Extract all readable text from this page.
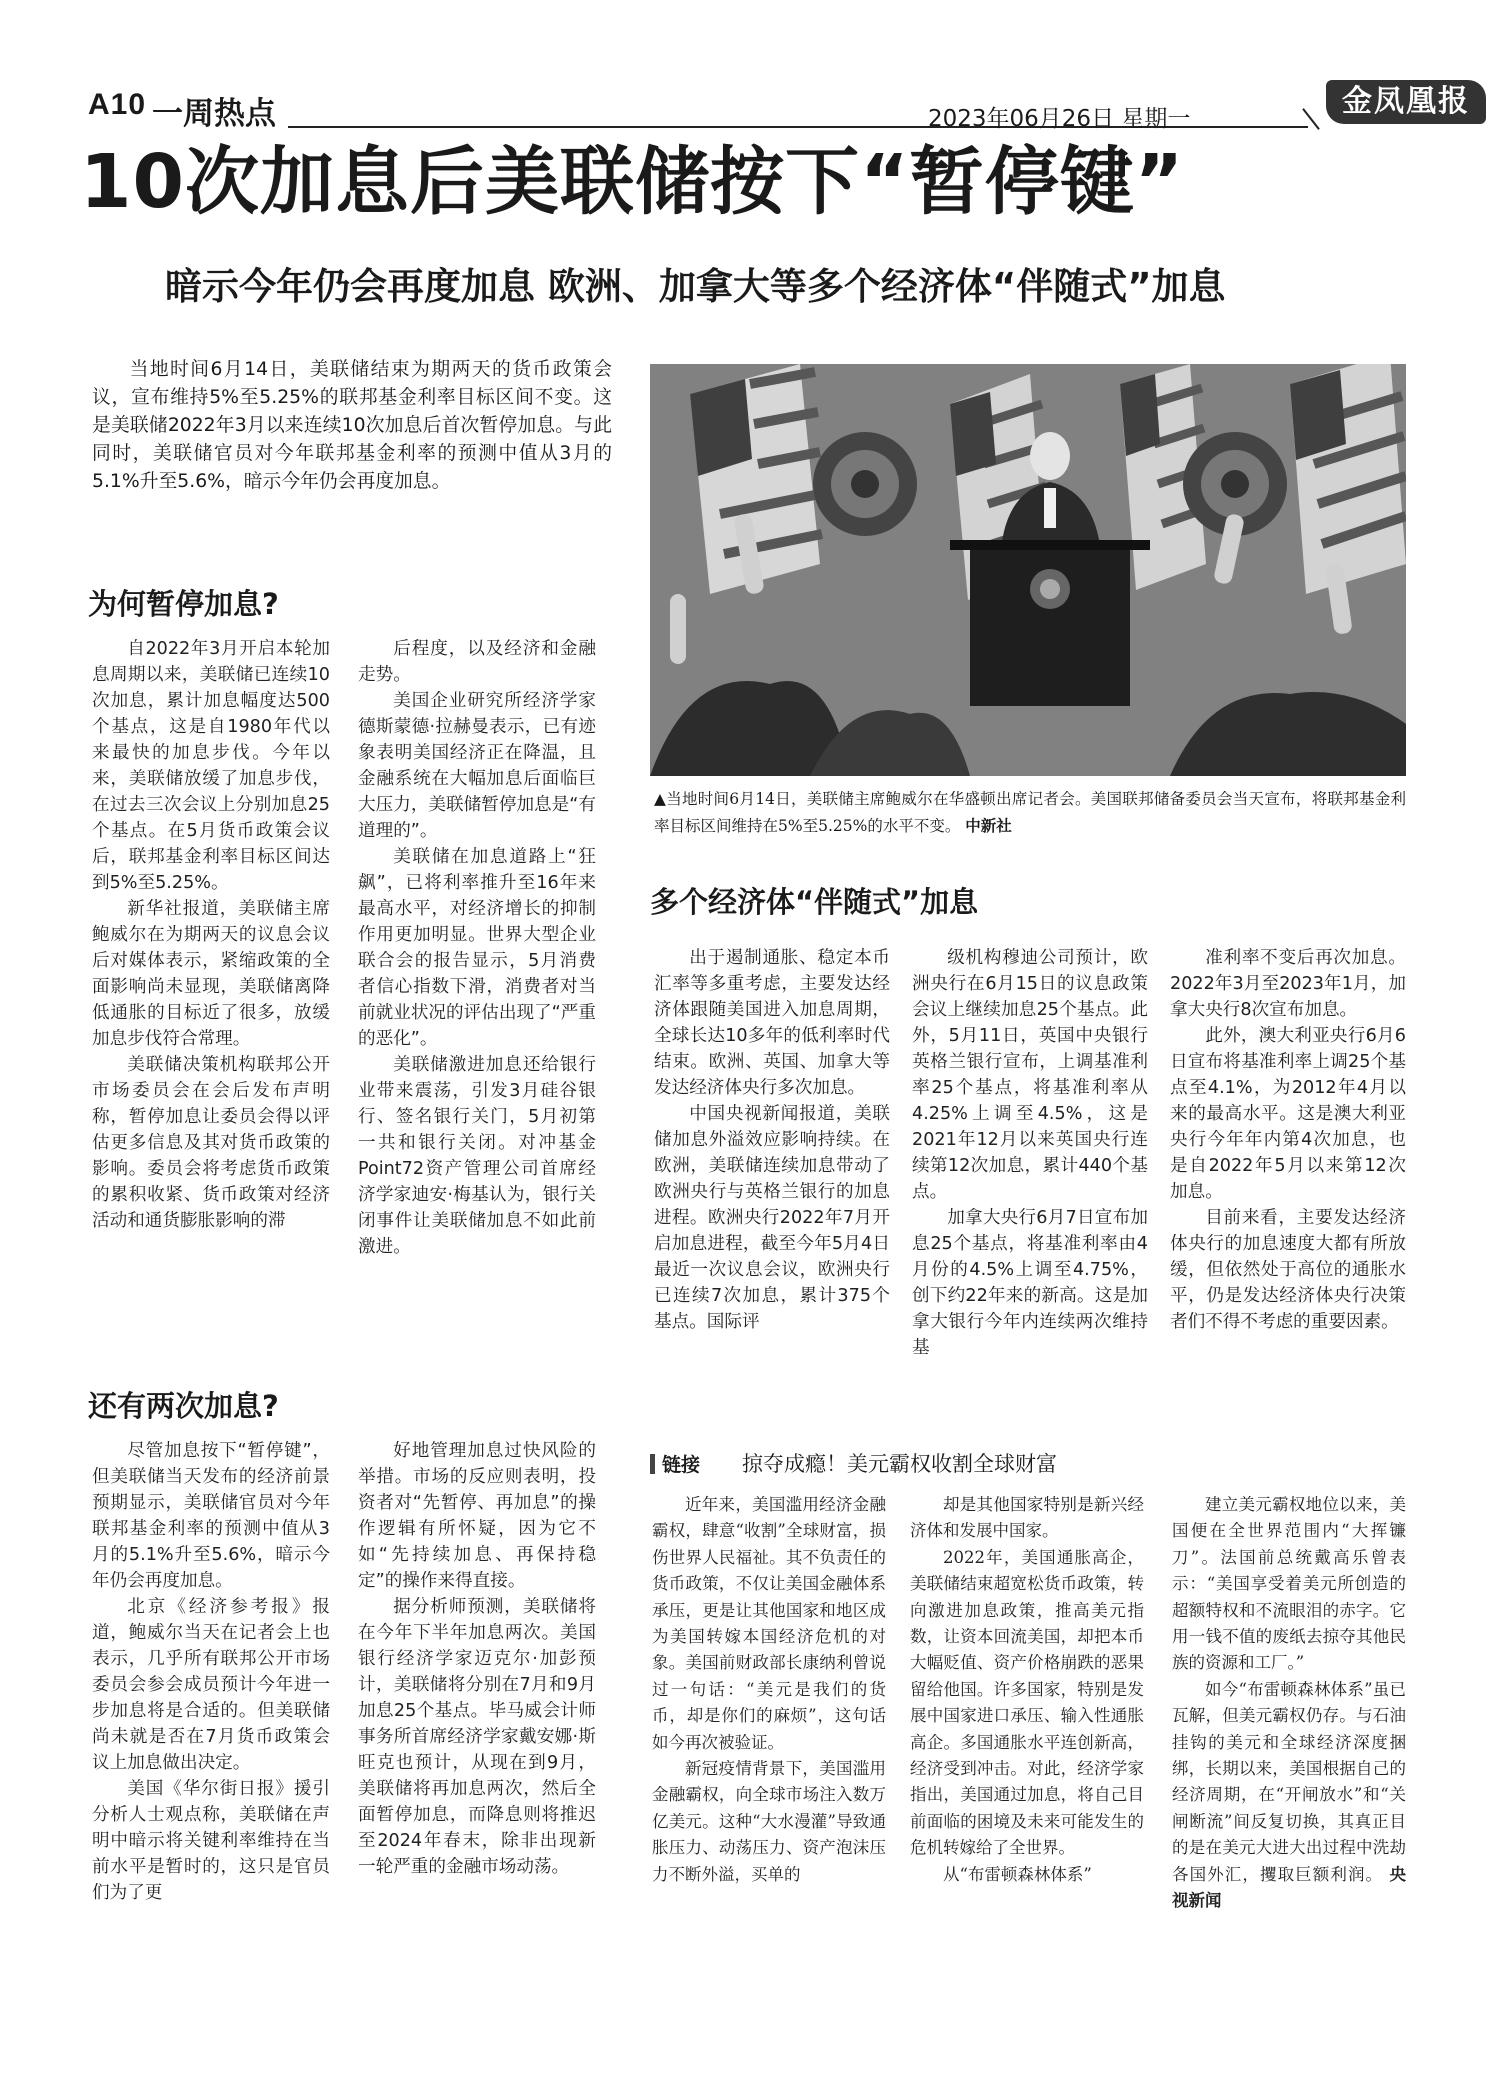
A10 一周热点	2023年06月26日 星期一	金凤凰报
10次加息后美联储按下“暂停键”
暗示今年仍会再度加息 欧洲、加拿大等多个经济体“伴随式”加息

当地时间6月14日，美联储结束为期两天的货币政策会议，宣布维持5%至5.25%的联邦基金利率目标区间不变。这是美联储2022年3月以来连续10次加息后首次暂停加息。与此同时，美联储官员对今年联邦基金利率的预测中值从3月的5.1%升至5.6%，暗示今年仍会再度加息。

▲当地时间6月14日，美联储主席鲍威尔在华盛顿出席记者会。美国联邦储备委员会当天宣布，将联邦基金利率目标区间维持在5%至5.25%的水平不变。 中新社
为何暂停加息?

自2022年3月开启本轮加息周期以来，美联储已连续10次加息，累计加息幅度达500个基点，这是自1980年代以来最快的加息步伐。今年以来，美联储放缓了加息步伐，在过去三次会议上分别加息25个基点。在5月货币政策会议后，联邦基金利率目标区间达到5%至5.25%。

新华社报道，美联储主席鲍威尔在为期两天的议息会议后对媒体表示，紧缩政策的全面影响尚未显现，美联储离降低通胀的目标近了很多，放缓加息步伐符合常理。

美联储决策机构联邦公开市场委员会在会后发布声明称，暂停加息让委员会得以评估更多信息及其对货币政策的影响。委员会将考虑货币政策的累积收紧、货币政策对经济活动和通货膨胀影响的滞

后程度，以及经济和金融走势。

美国企业研究所经济学家德斯蒙德·拉赫曼表示，已有迹象表明美国经济正在降温，且金融系统在大幅加息后面临巨大压力，美联储暂停加息是“有道理的”。

美联储在加息道路上“狂飙”，已将利率推升至16年来最高水平，对经济增长的抑制作用更加明显。世界大型企业联合会的报告显示，5月消费者信心指数下滑，消费者对当前就业状况的评估出现了“严重的恶化”。

美联储激进加息还给银行业带来震荡，引发3月硅谷银行、签名银行关门，5月初第一共和银行关闭。对冲基金Point72资产管理公司首席经济学家迪安·梅基认为，银行关闭事件让美联储加息不如此前激进。

多个经济体“伴随式”加息

出于遏制通胀、稳定本币汇率等多重考虑，主要发达经济体跟随美国进入加息周期，全球长达10多年的低利率时代结束。欧洲、英国、加拿大等发达经济体央行多次加息。

中国央视新闻报道，美联储加息外溢效应影响持续。在欧洲，美联储连续加息带动了欧洲央行与英格兰银行的加息进程。欧洲央行2022年7月开启加息进程，截至今年5月4日最近一次议息会议，欧洲央行已连续7次加息，累计375个基点。国际评

级机构穆迪公司预计，欧洲央行在6月15日的议息政策会议上继续加息25个基点。此外，5月11日，英国中央银行英格兰银行宣布，上调基准利率25个基点，将基准利率从4.25%上调至4.5%，这是2021年12月以来英国央行连续第12次加息，累计440个基点。

加拿大央行6月7日宣布加息25个基点，将基准利率由4月份的4.5%上调至4.75%，创下约22年来的新高。这是加拿大银行今年内连续两次维持基

准利率不变后再次加息。2022年3月至2023年1月，加拿大央行8次宣布加息。

此外，澳大利亚央行6月6日宣布将基准利率上调25个基点至4.1%，为2012年4月以来的最高水平。这是澳大利亚央行今年年内第4次加息，也是自2022年5月以来第12次加息。

目前来看，主要发达经济体央行的加息速度大都有所放缓，但依然处于高位的通胀水平，仍是发达经济体央行决策者们不得不考虑的重要因素。

还有两次加息?

尽管加息按下“暂停键”，但美联储当天发布的经济前景预期显示，美联储官员对今年联邦基金利率的预测中值从3月的5.1%升至5.6%，暗示今年仍会再度加息。

北京《经济参考报》报道，鲍威尔当天在记者会上也表示，几乎所有联邦公开市场委员会参会成员预计今年进一步加息将是合适的。但美联储尚未就是否在7月货币政策会议上加息做出决定。

美国《华尔街日报》援引分析人士观点称，美联储在声明中暗示将关键利率维持在当前水平是暂时的，这只是官员们为了更

好地管理加息过快风险的举措。市场的反应则表明，投资者对“先暂停、再加息”的操作逻辑有所怀疑，因为它不如“先持续加息、再保持稳定”的操作来得直接。

据分析师预测，美联储将在今年下半年加息两次。美国银行经济学家迈克尔·加彭预计，美联储将分别在7月和9月加息25个基点。毕马威会计师事务所首席经济学家戴安娜·斯旺克也预计，从现在到9月，美联储将再加息两次，然后全面暂停加息，而降息则将推迟至2024年春末，除非出现新一轮严重的金融市场动荡。

链接 掠夺成瘾！美元霸权收割全球财富

近年来，美国滥用经济金融霸权，肆意“收割”全球财富，损伤世界人民福祉。其不负责任的货币政策，不仅让美国金融体系承压，更是让其他国家和地区成为美国转嫁本国经济危机的对象。美国前财政部长康纳利曾说过一句话：“美元是我们的货币，却是你们的麻烦”，这句话如今再次被验证。

新冠疫情背景下，美国滥用金融霸权，向全球市场注入数万亿美元。这种“大水漫灌”导致通胀压力、动荡压力、资产泡沫压力不断外溢，买单的

却是其他国家特别是新兴经济体和发展中国家。

2022年，美国通胀高企，美联储结束超宽松货币政策，转向激进加息政策，推高美元指数，让资本回流美国，却把本币大幅贬值、资产价格崩跌的恶果留给他国。许多国家，特别是发展中国家进口承压、输入性通胀高企。多国通胀水平连创新高，经济受到冲击。对此，经济学家指出，美国通过加息，将自己目前面临的困境及未来可能发生的危机转嫁给了全世界。

从“布雷顿森林体系”

建立美元霸权地位以来，美国便在全世界范围内“大挥镰刀”。法国前总统戴高乐曾表示：“美国享受着美元所创造的超额特权和不流眼泪的赤字。它用一钱不值的废纸去掠夺其他民族的资源和工厂。”

如今“布雷顿森林体系”虽已瓦解，但美元霸权仍存。与石油挂钩的美元和全球经济深度捆绑，长期以来，美国根据自己的经济周期，在“开闸放水”和“关闸断流”间反复切换，其真正目的是在美元大进大出过程中洗劫各国外汇，攫取巨额利润。 央视新闻
